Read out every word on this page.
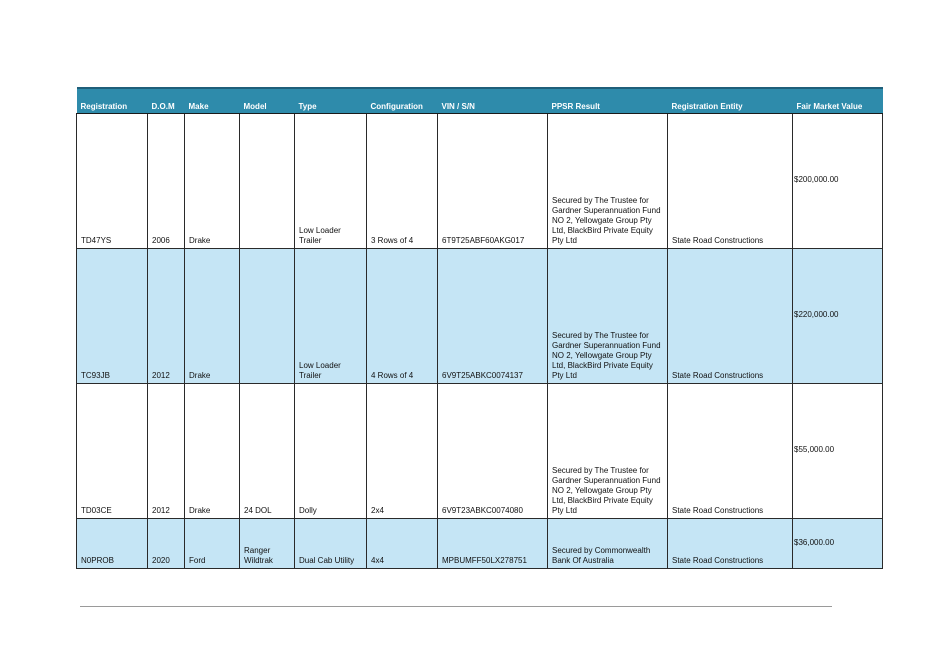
Registration	D.O.M	Make	Model	Type	Configuration	VIN / S/N	PPSR Result	Registration Entity	Fair Market Value

TD47YS	2006	Drake		Low Loader Trailer	3 Rows of 4	6T9T25ABF60AKG017	Secured by The Trustee for Gardner Superannuation Fund NO 2, Yellowgate Group Pty Ltd, BlackBird Private Equity Pty Ltd	State Road Constructions	$200,000.00
TC93JB	2012	Drake		Low Loader Trailer	4 Rows of 4	6V9T25ABKC0074137	Secured by The Trustee for Gardner Superannuation Fund NO 2, Yellowgate Group Pty Ltd, BlackBird Private Equity Pty Ltd	State Road Constructions	$220,000.00
TD03CE	2012	Drake	24 DOL	Dolly	2x4	6V9T23ABKC0074080	Secured by The Trustee for Gardner Superannuation Fund NO 2, Yellowgate Group Pty Ltd, BlackBird Private Equity Pty Ltd	State Road Constructions	$55,000.00
N0PROB	2020	Ford	Ranger Wildtrak	Dual Cab Utility	4x4	MPBUMFF50LX278751	Secured by Commonwealth Bank Of Australia	State Road Constructions	$36,000.00
